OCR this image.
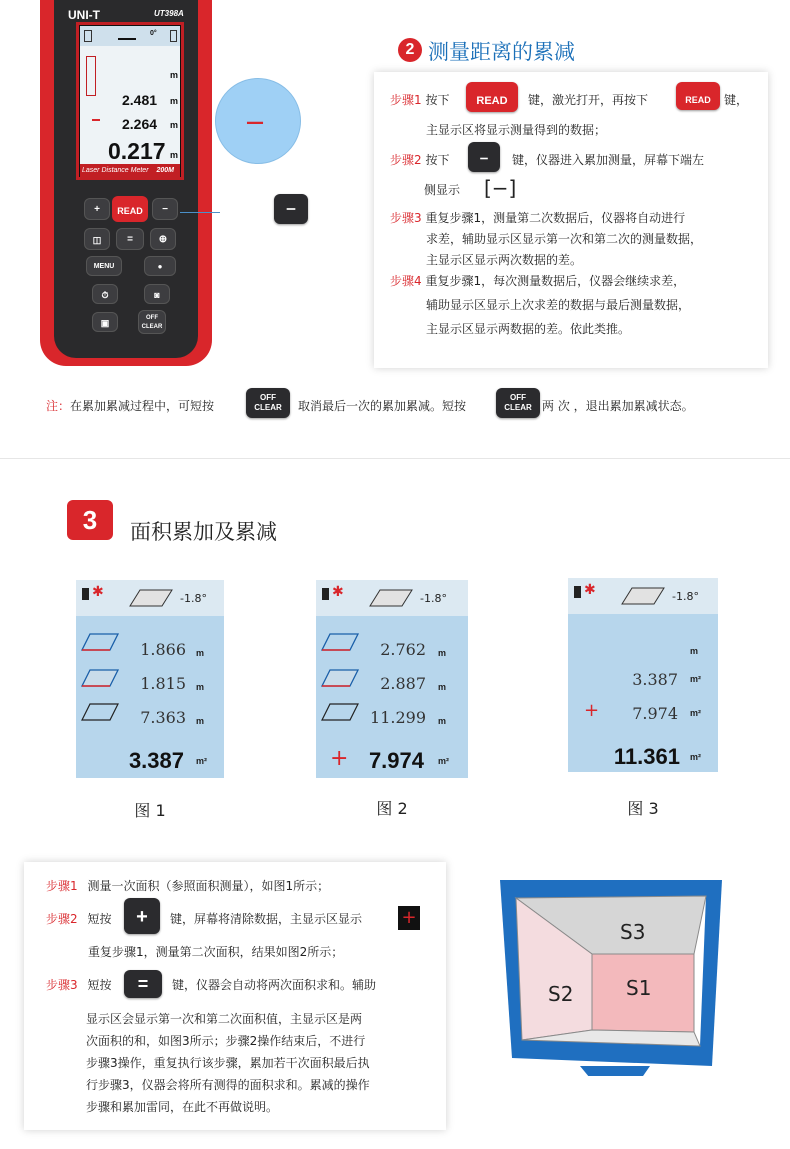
UNI-T	UT398A
0°
m
2.481 m
2.264 m
0.217 m
Laser Distance Meter 200M
+	READ	−
◫	=	⊕
MENU	●
⏱	◙
▣	OFF
CLEAR
—
⎯
2 测量距离的累减
步骤1 按下	READ	键，激光打开，再按下	READ	键，
主显示区将显示测量得到的数据；
步骤2 按下	⎯	键，仪器进入累加测量，屏幕下端左
侧显示 [−]
步骤3 重复步骤1，测量第二次数据后，仪器将自动进行
求差，辅助显示区显示第一次和第二次的测量数据，
主显示区显示两次数据的差。
步骤4 重复步骤1，每次测量数据后，仪器会继续求差，
辅助显示区显示上次求差的数据与最后测量数据，
主显示区显示两数据的差。依此类推。
注：在累加累减过程中，可短按
OFF CLEAR	取消最后一次的累加累减。短按
OFF CLEAR 两 次 ，退出累加累减状态。
3	面积累加及累减
✱	-1.8°
1.866 m
1.815 m
7.363 m
3.387 m²
图 1
✱	-1.8°
2.762 m
2.887 m
11.299 m
+ 7.974 m²
图 2
✱	-1.8°
m
3.387 m²
+	7.974 m²
11.361 m²
图 3
步骤1 测量一次面积（参照面积测量），如图1所示；
步骤2 短按	+	键，屏幕将清除数据，主显示区显示 +
重复步骤1，测量第二次面积，结果如图2所示；
步骤3 短按	=	键，仪器会自动将两次面积求和。辅助
显示区会显示第一次和第二次面积值，主显示区是两
次面积的和，如图3所示；步骤2操作结束后，不进行
步骤3操作，重复执行该步骤，累加若干次面积最后执
行步骤3，仪器会将所有测得的面积求和。累减的操作
步骤和累加雷同，在此不再做说明。
S3
S2	S1
